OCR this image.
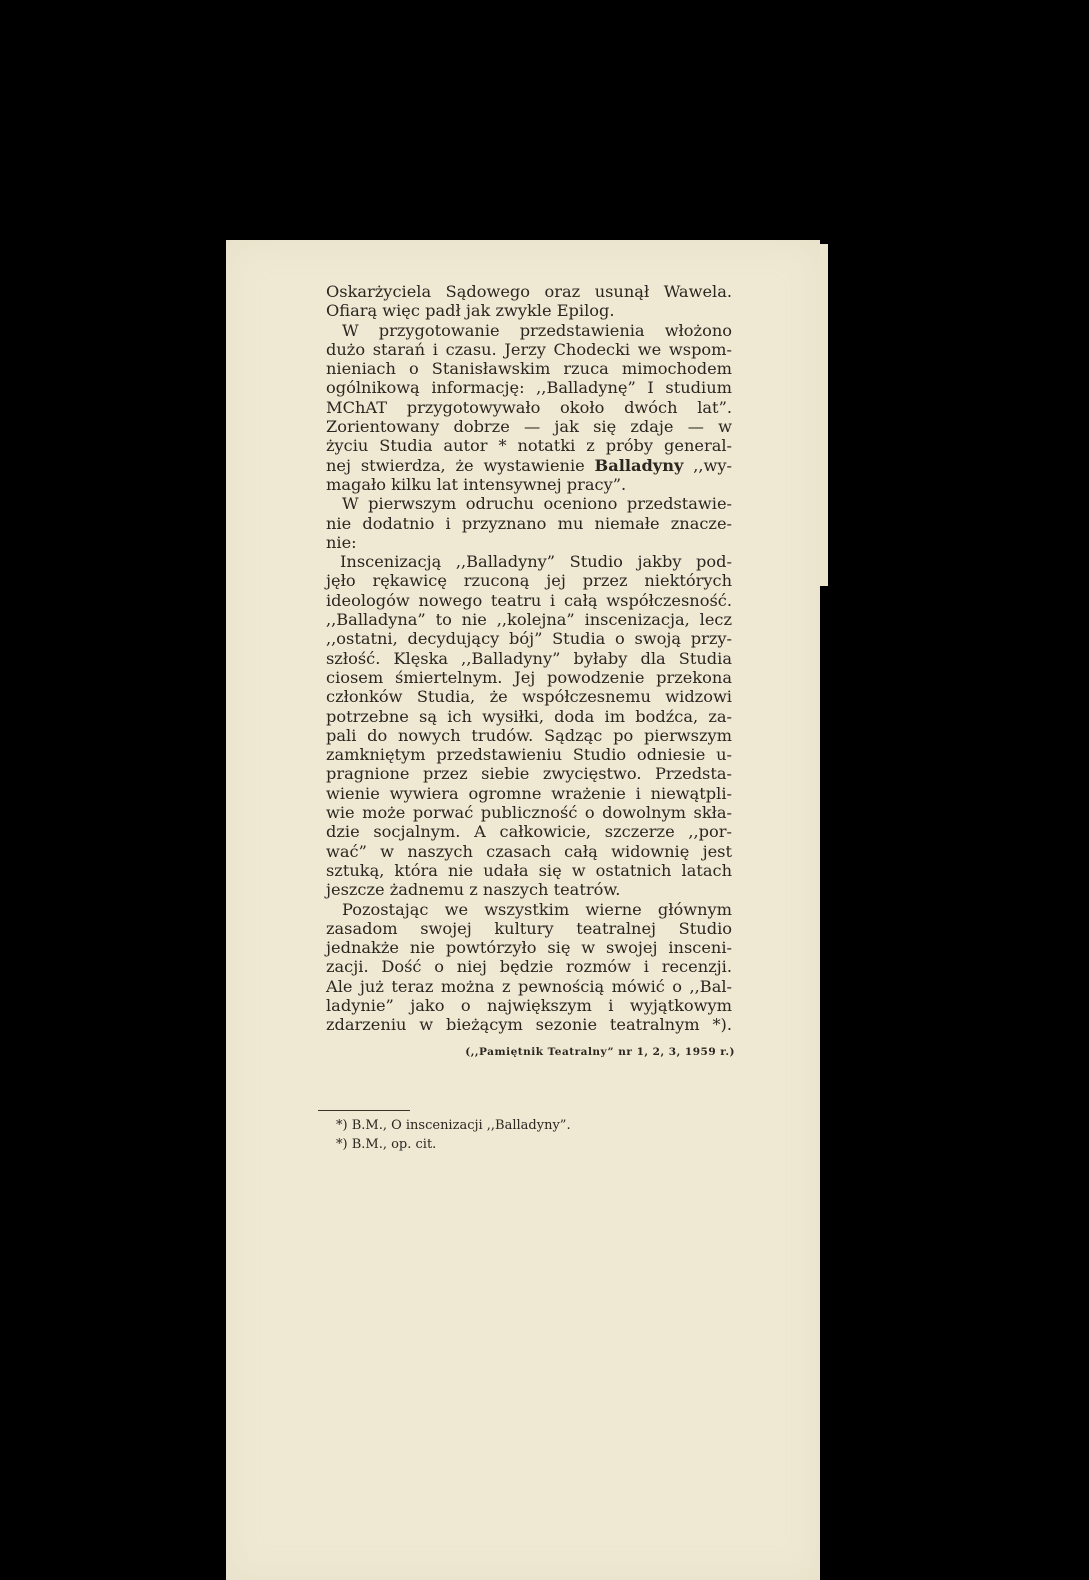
Oskarżyciela Sądowego oraz usunął Wawela.
Ofiarą więc padł jak zwykle Epilog.
W przygotowanie przedstawienia włożono
dużo starań i czasu. Jerzy Chodecki we wspom-
nieniach o Stanisławskim rzuca mimochodem
ogólnikową informację: ,,Balladynę” I studium
MChAT przygotowywało około dwóch lat”.
Zorientowany dobrze — jak się zdaje — w
życiu Studia autor * notatki z próby general-
nej stwierdza, że wystawienie Balladyny ,,wy-
magało kilku lat intensywnej pracy”.
W pierwszym odruchu oceniono przedstawie-
nie dodatnio i przyznano mu niemałe znacze-
nie:
Inscenizacją ,,Balladyny” Studio jakby pod-
jęło rękawicę rzuconą jej przez niektórych
ideologów nowego teatru i całą współczesność.
,,Balladyna” to nie ,,kolejna” inscenizacja, lecz
,,ostatni, decydujący bój” Studia o swoją przy-
szłość. Klęska ,,Balladyny” byłaby dla Studia
ciosem śmiertelnym. Jej powodzenie przekona
członków Studia, że współczesnemu widzowi
potrzebne są ich wysiłki, doda im bodźca, za-
pali do nowych trudów. Sądząc po pierwszym
zamkniętym przedstawieniu Studio odniesie u-
pragnione przez siebie zwycięstwo. Przedsta-
wienie wywiera ogromne wrażenie i niewątpli-
wie może porwać publiczność o dowolnym skła-
dzie socjalnym. A całkowicie, szczerze ,,por-
wać” w naszych czasach całą widownię jest
sztuką, która nie udała się w ostatnich latach
jeszcze żadnemu z naszych teatrów.
Pozostając we wszystkim wierne głównym
zasadom swojej kultury teatralnej Studio
jednakże nie powtórzyło się w swojej insceni-
zacji. Dość o niej będzie rozmów i recenzji.
Ale już teraz można z pewnością mówić o ,,Bal-
ladynie” jako o największym i wyjątkowym
zdarzeniu w bieżącym sezonie teatralnym *).
(,,Pamiętnik Teatralny” nr 1, 2, 3, 1959 r.)
*) B.M., O inscenizacji ,,Balladyny”.
*) B.M., op. cit.
